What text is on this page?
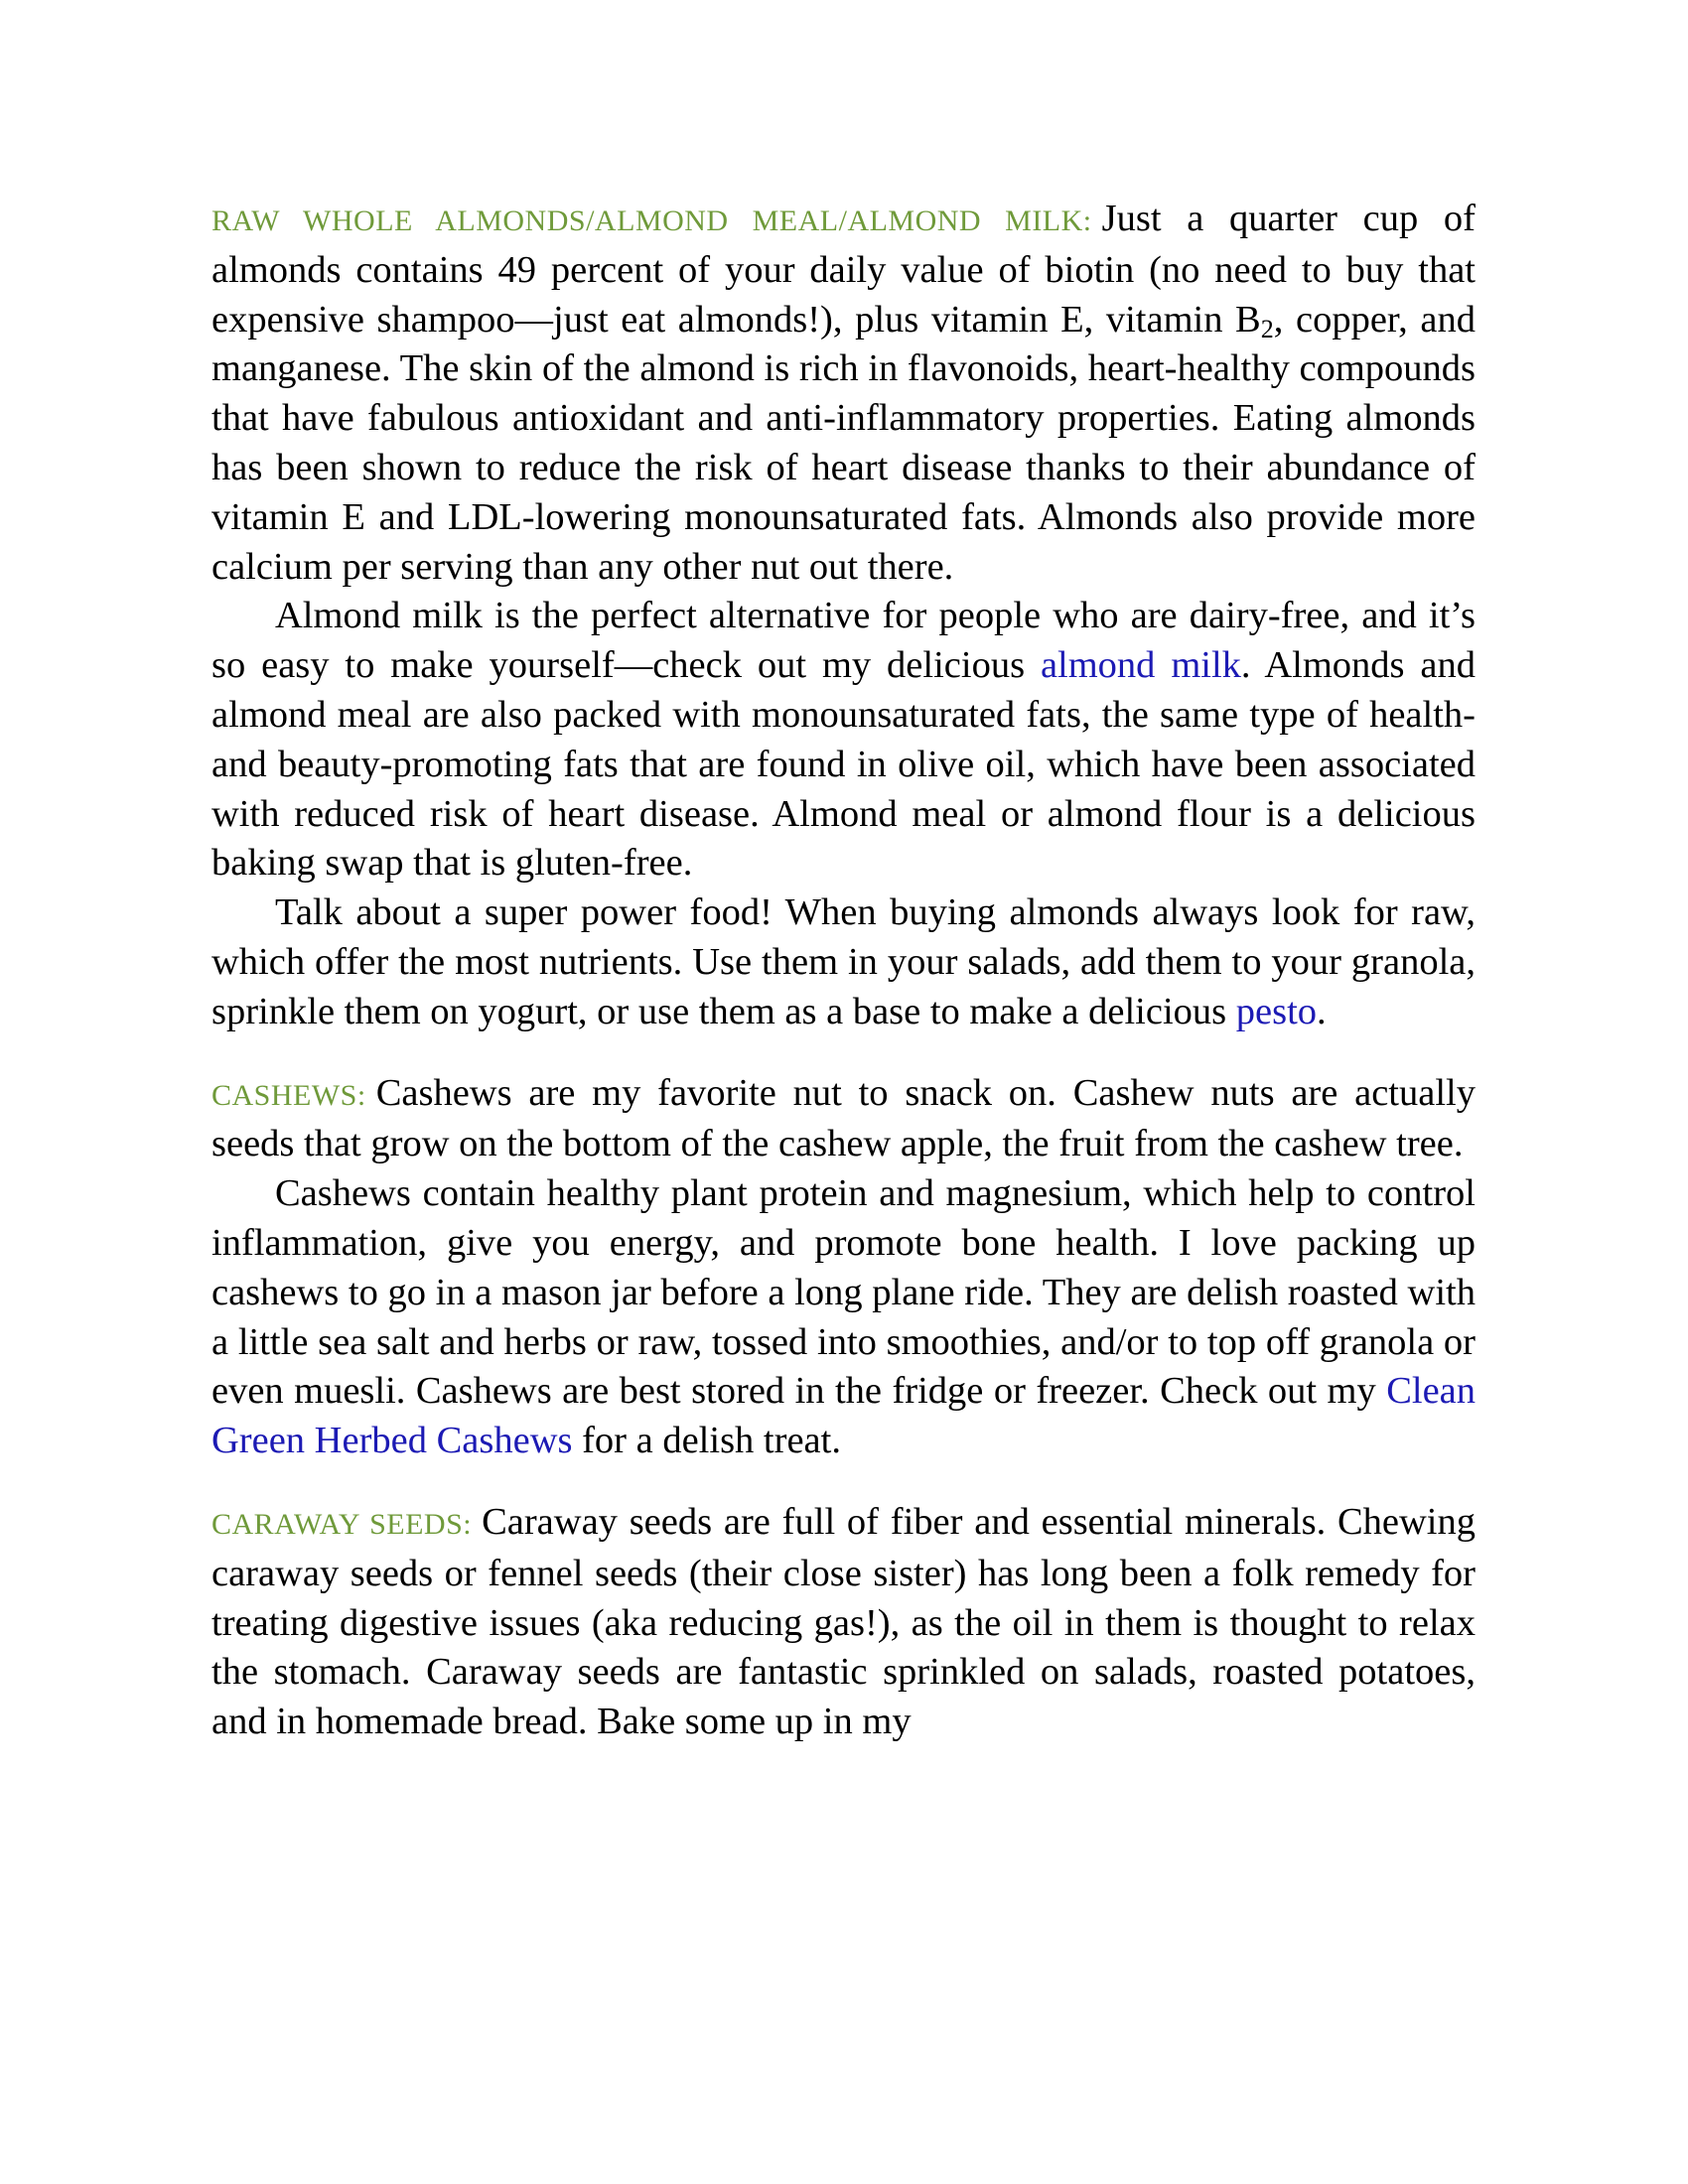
RAW WHOLE ALMONDS/ALMOND MEAL/ALMOND MILK: Just a quarter cup of almonds contains 49 percent of your daily value of biotin (no need to buy that expensive shampoo—just eat almonds!), plus vitamin E, vitamin $B_2$, copper, and manganese. The skin of the almond is rich in flavonoids, heart-healthy compounds that have fabulous antioxidant and anti-inflammatory properties. Eating almonds has been shown to reduce the risk of heart disease thanks to their abundance of vitamin E and LDL-lowering monounsaturated fats. Almonds also provide more calcium per serving than any other nut out there.

Almond milk is the perfect alternative for people who are dairy-free, and it’s so easy to make yourself—check out my delicious almond milk. Almonds and almond meal are also packed with monounsaturated fats, the same type of health- and beauty-promoting fats that are found in olive oil, which have been associated with reduced risk of heart disease. Almond meal or almond flour is a delicious baking swap that is gluten-free.

Talk about a super power food! When buying almonds always look for raw, which offer the most nutrients. Use them in your salads, add them to your granola, sprinkle them on yogurt, or use them as a base to make a delicious pesto.

CASHEWS: Cashews are my favorite nut to snack on. Cashew nuts are actually seeds that grow on the bottom of the cashew apple, the fruit from the cashew tree.

Cashews contain healthy plant protein and magnesium, which help to control inflammation, give you energy, and promote bone health. I love packing up cashews to go in a mason jar before a long plane ride. They are delish roasted with a little sea salt and herbs or raw, tossed into smoothies, and/or to top off granola or even muesli. Cashews are best stored in the fridge or freezer. Check out my Clean Green Herbed Cashews for a delish treat.

CARAWAY SEEDS: Caraway seeds are full of fiber and essential minerals. Chewing caraway seeds or fennel seeds (their close sister) has long been a folk remedy for treating digestive issues (aka reducing gas!), as the oil in them is thought to relax the stomach. Caraway seeds are fantastic sprinkled on salads, roasted potatoes, and in homemade bread. Bake some up in my
